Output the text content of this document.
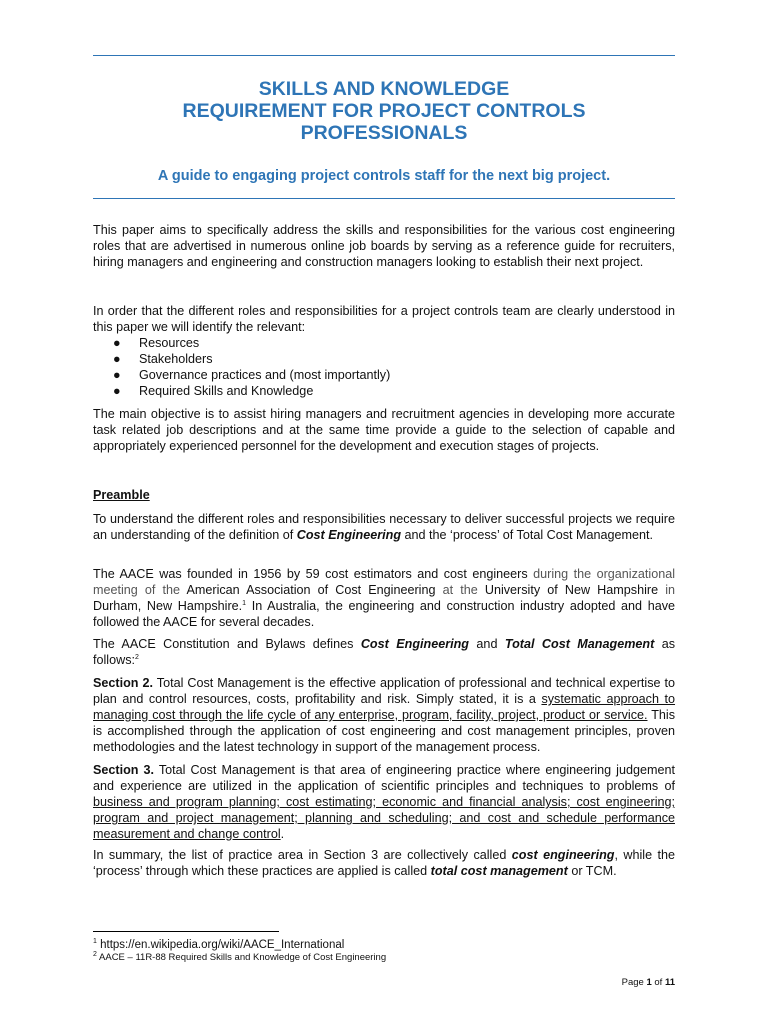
SKILLS AND KNOWLEDGE
REQUIREMENT FOR PROJECT CONTROLS
PROFESSIONALS
A guide to engaging project controls staff for the next big project.

This paper aims to specifically address the skills and responsibilities for the various cost engineering roles that are advertised in numerous online job boards by serving as a reference guide for recruiters, hiring managers and engineering and construction managers looking to establish their next project.

In order that the different roles and responsibilities for a project controls team are clearly understood in this paper we will identify the relevant:

● Resources
● Stakeholders
● Governance practices and (most importantly)
● Required Skills and Knowledge

The main objective is to assist hiring managers and recruitment agencies in developing more accurate task related job descriptions and at the same time provide a guide to the selection of capable and appropriately experienced personnel for the development and execution stages of projects.

Preamble

To understand the different roles and responsibilities necessary to deliver successful projects we require an understanding of the definition of Cost Engineering and the ‘process’ of Total Cost Management.

The AACE was founded in 1956 by 59 cost estimators and cost engineers during the organizational meeting of the American Association of Cost Engineering at the University of New Hampshire in Durham, New Hampshire.$^1$ In Australia, the engineering and construction industry adopted and have followed the AACE for several decades.

The AACE Constitution and Bylaws defines Cost Engineering and Total Cost Management as follows:$^2$

Section 2. Total Cost Management is the effective application of professional and technical expertise to plan and control resources, costs, profitability and risk. Simply stated, it is a systematic approach to managing cost through the life cycle of any enterprise, program, facility, project, product or service. This is accomplished through the application of cost engineering and cost management principles, proven methodologies and the latest technology in support of the management process.

Section 3. Total Cost Management is that area of engineering practice where engineering judgement and experience are utilized in the application of scientific principles and techniques to problems of business and program planning; cost estimating; economic and financial analysis; cost engineering; program and project management; planning and scheduling; and cost and schedule performance measurement and change control.

In summary, the list of practice area in Section 3 are collectively called cost engineering, while the ‘process’ through which these practices are applied is called total cost management or TCM.

$^1$ https://en.wikipedia.org/wiki/AACE_International
$^2$ AACE – 11R-88 Required Skills and Knowledge of Cost Engineering
Page 1 of 11
